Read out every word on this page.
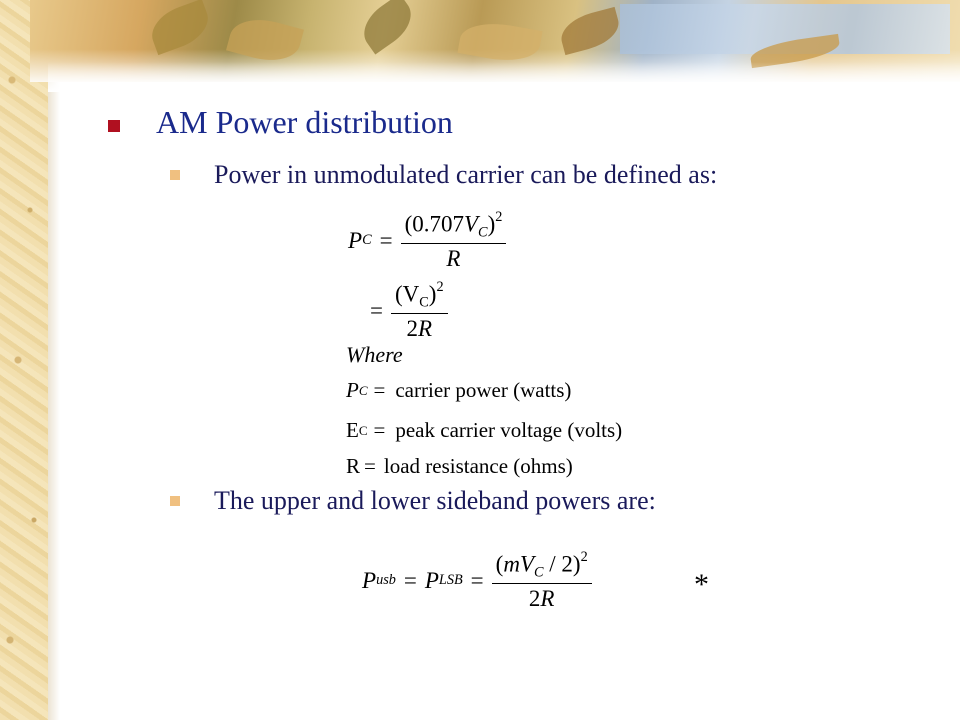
AM Power distribution
Power in unmodulated carrier can be defined as:
P $C = \frac{(0.707V_C)^2}{R}$
= $\frac{(V_C)^2}{2R}$
Where
P C = carrier power (watts)
E C = peak carrier voltage (volts)
R = load resistance (ohms)
The upper and lower sideband powers are:
P usb = P LSB = $\frac{(mV_C / 2)^2}{2R}$	*
